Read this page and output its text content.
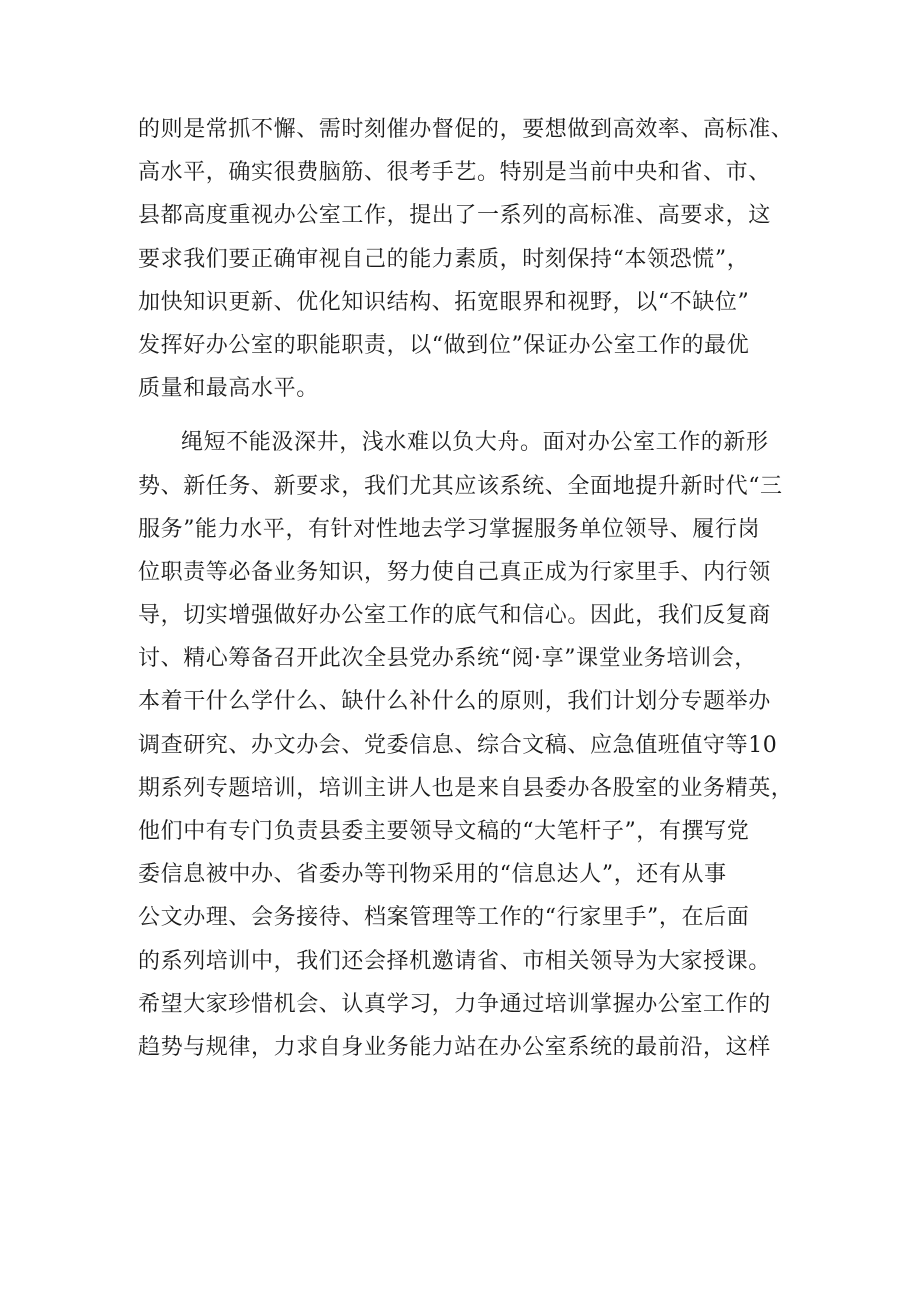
的则是常抓不懈、需时刻催办督促的，要想做到高效率、高标准、
高水平，确实很费脑筋、很考手艺。特别是当前中央和省、市、
县都高度重视办公室工作，提出了一系列的高标准、高要求，这
要求我们要正确审视自己的能力素质，时刻保持“本领恐慌”，
加快知识更新、优化知识结构、拓宽眼界和视野，以“不缺位”
发挥好办公室的职能职责，以“做到位”保证办公室工作的最优
质量和最高水平。
绳短不能汲深井，浅水难以负大舟。面对办公室工作的新形
势、新任务、新要求，我们尤其应该系统、全面地提升新时代“三
服务”能力水平，有针对性地去学习掌握服务单位领导、履行岗
位职责等必备业务知识，努力使自己真正成为行家里手、内行领
导，切实增强做好办公室工作的底气和信心。因此，我们反复商
讨、精心筹备召开此次全县党办系统“阅·享”课堂业务培训会，
本着干什么学什么、缺什么补什么的原则，我们计划分专题举办
调查研究、办文办会、党委信息、综合文稿、应急值班值守等10
期系列专题培训，培训主讲人也是来自县委办各股室的业务精英，
他们中有专门负责县委主要领导文稿的“大笔杆子”，有撰写党
委信息被中办、省委办等刊物采用的“信息达人”，还有从事
公文办理、会务接待、档案管理等工作的“行家里手”，在后面
的系列培训中，我们还会择机邀请省、市相关领导为大家授课。
希望大家珍惜机会、认真学习，力争通过培训掌握办公室工作的
趋势与规律，力求自身业务能力站在办公室系统的最前沿，这样
